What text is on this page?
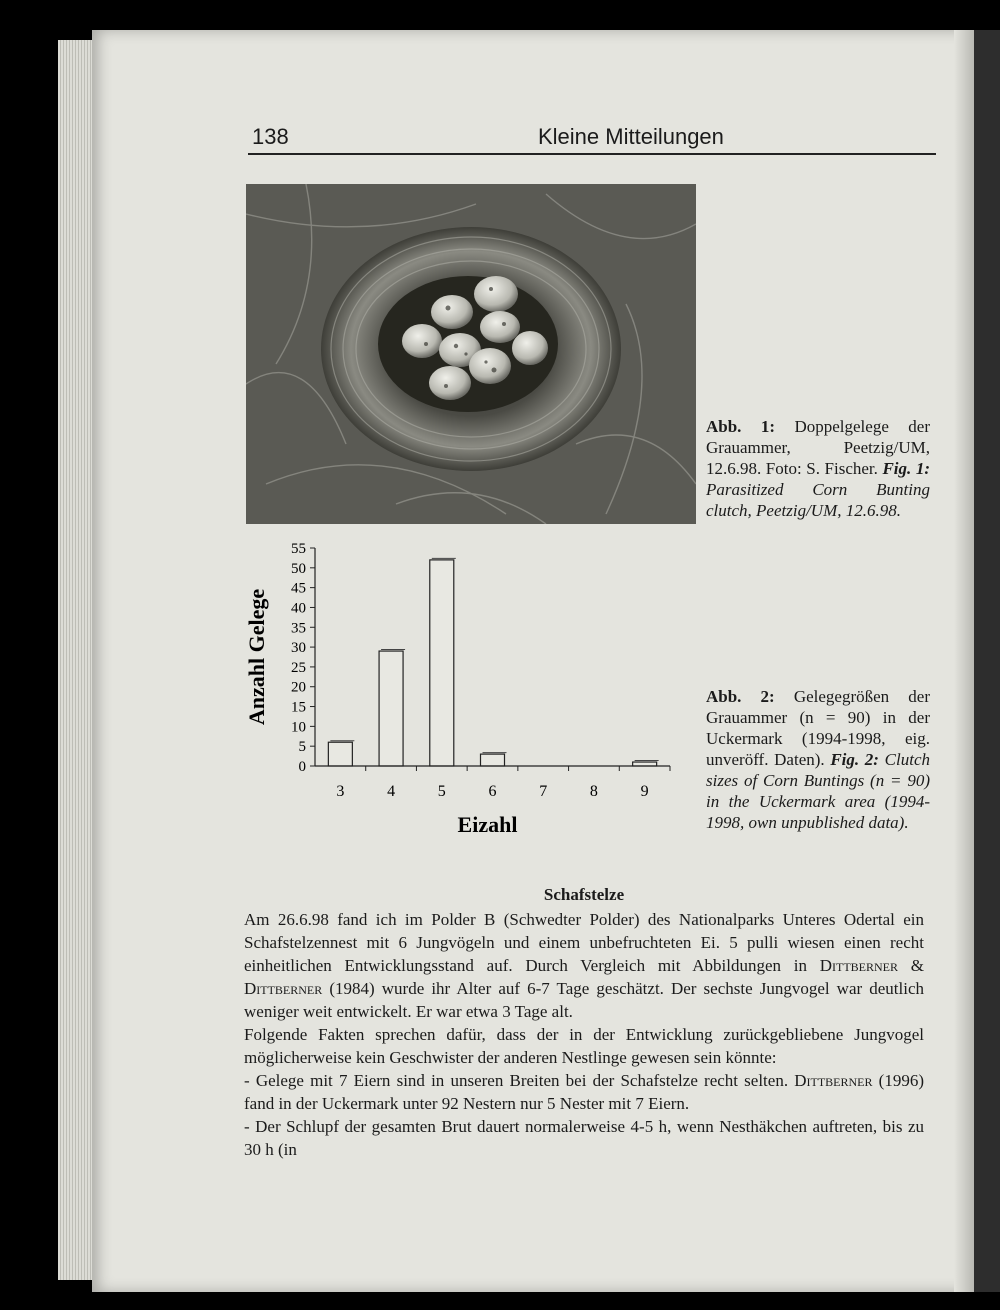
138	Kleine Mitteilungen
Abb. 1: Doppelgelege der Grauammer, Peetzig/UM, 12.6.98. Foto: S. Fischer. Fig. 1: Parasitized Corn Bunting clutch, Peetzig/UM, 12.6.98.
0
5
10
15
20
25
30
35
40
45
50
55
3	4	5	6	7	8	9
Anzahl Gelege
Eizahl
Abb. 2: Gelegegrößen der Grauammer (n = 90) in der Uckermark (1994-1998, eig. unveröff. Daten). Fig. 2: Clutch sizes of Corn Buntings (n = 90) in the Uckermark area (1994-1998, own unpublished data).
Schafstelze

Am 26.6.98 fand ich im Polder B (Schwedter Polder) des Nationalparks Unteres Odertal ein Schafstelzennest mit 6 Jungvögeln und einem unbefruchteten Ei. 5 pulli wiesen einen recht einheitlichen Entwicklungsstand auf. Durch Vergleich mit Abbildungen in Dittberner & Dittberner (1984) wurde ihr Alter auf 6-7 Tage geschätzt. Der sechste Jungvogel war deutlich weniger weit entwickelt. Er war etwa 3 Tage alt.

Folgende Fakten sprechen dafür, dass der in der Entwicklung zurückgebliebene Jungvogel möglicherweise kein Geschwister der anderen Nestlinge gewesen sein könnte:

- Gelege mit 7 Eiern sind in unseren Breiten bei der Schafstelze recht selten. Dittberner (1996) fand in der Uckermark unter 92 Nestern nur 5 Nester mit 7 Eiern.

- Der Schlupf der gesamten Brut dauert normalerweise 4-5 h, wenn Nesthäkchen auftreten, bis zu 30 h (in
